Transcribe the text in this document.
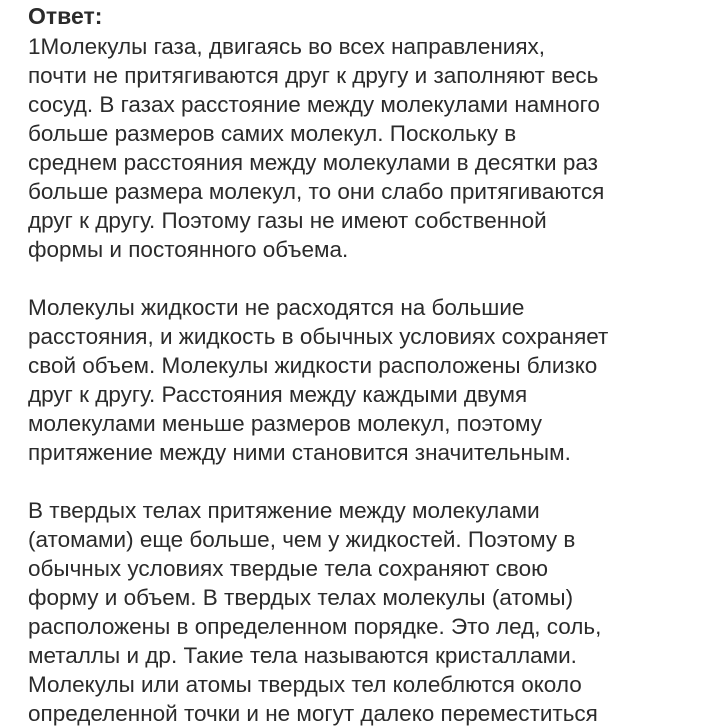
Ответ:
1Молекулы газа, двигаясь во всех направлениях,
почти не притягиваются друг к другу и заполняют весь
сосуд. В газах расстояние между молекулами намного
больше размеров самих молекул. Поскольку в
среднем расстояния между молекулами в десятки раз
больше размера молекул, то они слабо притягиваются
друг к другу. Поэтому газы не имеют собственной
формы и постоянного объема.
Молекулы жидкости не расходятся на большие
расстояния, и жидкость в обычных условиях сохраняет
свой объем. Молекулы жидкости расположены близко
друг к другу. Расстояния между каждыми двумя
молекулами меньше размеров молекул, поэтому
притяжение между ними становится значительным.
В твердых телах притяжение между молекулами
(атомами) еще больше, чем у жидкостей. Поэтому в
обычных условиях твердые тела сохраняют свою
форму и объем. В твердых телах молекулы (атомы)
расположены в определенном порядке. Это лед, соль,
металлы и др. Такие тела называются кристаллами.
Молекулы или атомы твердых тел колеблются около
определенной точки и не могут далеко переместиться
